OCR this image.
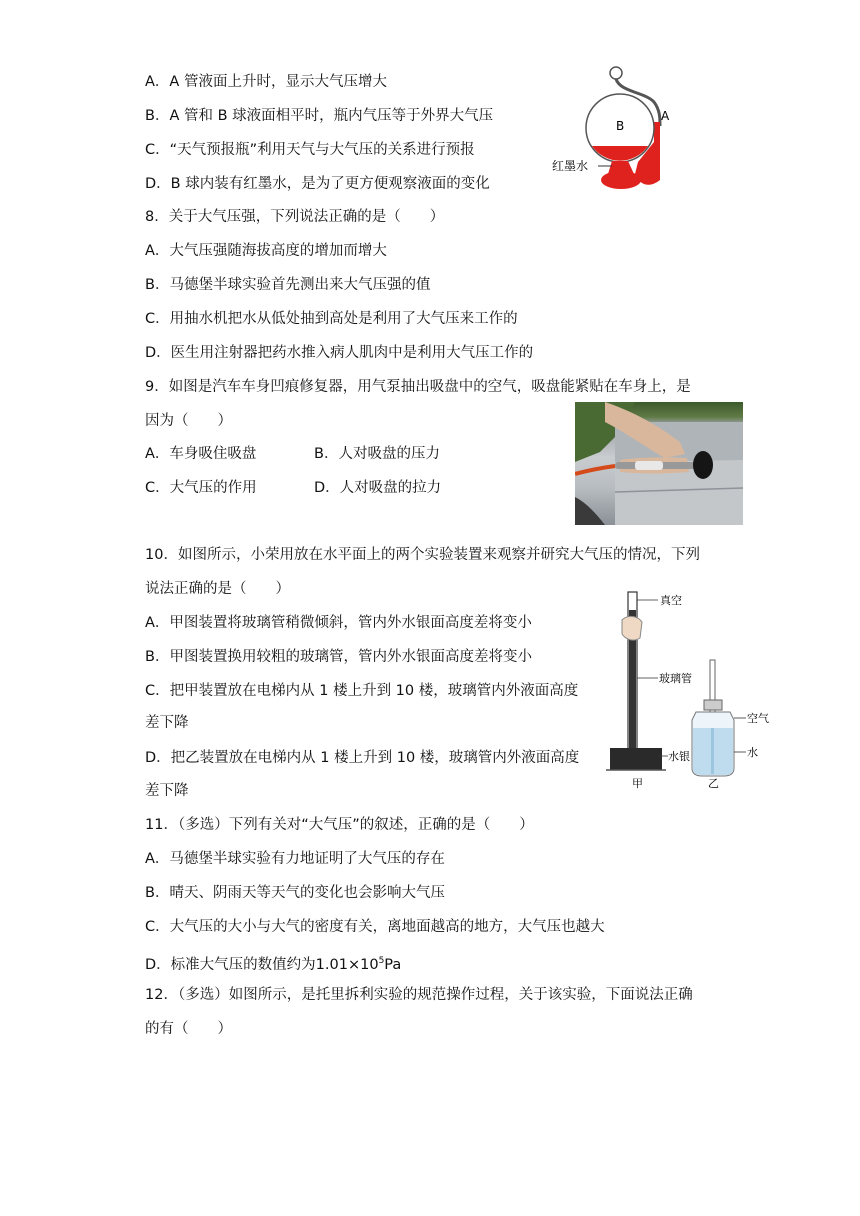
A．A 管液面上升时，显示大气压增大
B．A 管和 B 球液面相平时，瓶内气压等于外界大气压
C．“天气预报瓶”利用天气与大气压的关系进行预报
D．B 球内装有红墨水，是为了更方便观察液面的变化
B
A
红墨水
8．关于大气压强，下列说法正确的是（　　）
A．大气压强随海拔高度的增加而增大
B．马德堡半球实验首先测出来大气压强的值
C．用抽水机把水从低处抽到高处是利用了大气压来工作的
D．医生用注射器把药水推入病人肌肉中是利用大气压工作的
9．如图是汽车车身凹痕修复器，用气泵抽出吸盘中的空气，吸盘能紧贴在车身上，是
因为（　　）
A．车身吸住吸盘	B．人对吸盘的压力
C．大气压的作用	D．人对吸盘的拉力
10．如图所示，小荣用放在水平面上的两个实验装置来观察并研究大气压的情况，下列
说法正确的是（　　）
A．甲图装置将玻璃管稍微倾斜，管内外水银面高度差将变小
B．甲图装置换用较粗的玻璃管，管内外水银面高度差将变小
C．把甲装置放在电梯内从 1 楼上升到 10 楼，玻璃管内外液面高度
差下降
D．把乙装置放在电梯内从 1 楼上升到 10 楼，玻璃管内外液面高度
差下降
真空
玻璃管
水银
甲
空气
水
乙
11．（多选）下列有关对“大气压”的叙述，正确的是（　　）
A．马德堡半球实验有力地证明了大气压的存在
B．晴天、阴雨天等天气的变化也会影响大气压
C．大气压的大小与大气的密度有关，离地面越高的地方，大气压也越大
D．标准大气压的数值约为$1.01\times 10^5Pa$
12．（多选）如图所示，是托里拆利实验的规范操作过程，关于该实验，下面说法正确
的有（　　）
